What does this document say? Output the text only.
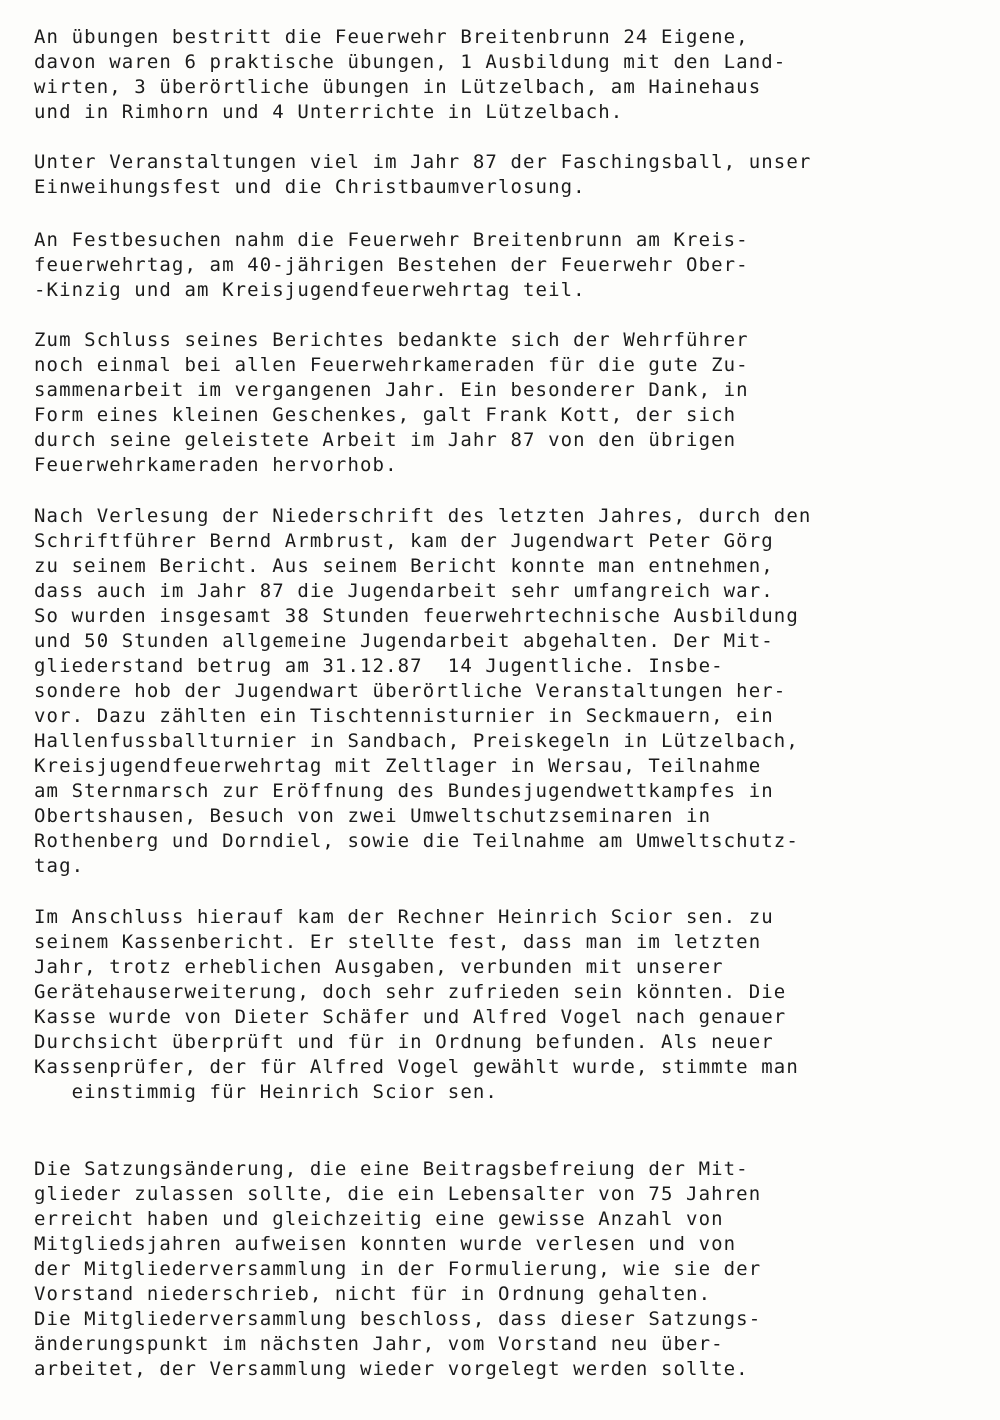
An übungen bestritt die Feuerwehr Breitenbrunn 24 Eigene,
davon waren 6 praktische übungen, 1 Ausbildung mit den Land-
wirten, 3 überörtliche übungen in Lützelbach, am Hainehaus
und in Rimhorn und 4 Unterrichte in Lützelbach.
Unter Veranstaltungen viel im Jahr 87 der Faschingsball, unser
Einweihungsfest und die Christbaumverlosung.
An Festbesuchen nahm die Feuerwehr Breitenbrunn am Kreis-
feuerwehrtag, am 40-jährigen Bestehen der Feuerwehr Ober-
-Kinzig und am Kreisjugendfeuerwehrtag teil.
Zum Schluss seines Berichtes bedankte sich der Wehrführer
noch einmal bei allen Feuerwehrkameraden für die gute Zu-
sammenarbeit im vergangenen Jahr. Ein besonderer Dank, in
Form eines kleinen Geschenkes, galt Frank Kott, der sich
durch seine geleistete Arbeit im Jahr 87 von den übrigen
Feuerwehrkameraden hervorhob.
Nach Verlesung der Niederschrift des letzten Jahres, durch den
Schriftführer Bernd Armbrust, kam der Jugendwart Peter Görg
zu seinem Bericht. Aus seinem Bericht konnte man entnehmen,
dass auch im Jahr 87 die Jugendarbeit sehr umfangreich war.
So wurden insgesamt 38 Stunden feuerwehrtechnische Ausbildung
und 50 Stunden allgemeine Jugendarbeit abgehalten. Der Mit-
gliederstand betrug am 31.12.87  14 Jugentliche. Insbe-
sondere hob der Jugendwart überörtliche Veranstaltungen her-
vor. Dazu zählten ein Tischtennisturnier in Seckmauern, ein
Hallenfussballturnier in Sandbach, Preiskegeln in Lützelbach,
Kreisjugendfeuerwehrtag mit Zeltlager in Wersau, Teilnahme
am Sternmarsch zur Eröffnung des Bundesjugendwettkampfes in
Obertshausen, Besuch von zwei Umweltschutzseminaren in
Rothenberg und Dorndiel, sowie die Teilnahme am Umweltschutz-
tag.
Im Anschluss hierauf kam der Rechner Heinrich Scior sen. zu
seinem Kassenbericht. Er stellte fest, dass man im letzten
Jahr, trotz erheblichen Ausgaben, verbunden mit unserer
Gerätehauserweiterung, doch sehr zufrieden sein könnten. Die
Kasse wurde von Dieter Schäfer und Alfred Vogel nach genauer
Durchsicht überprüft und für in Ordnung befunden. Als neuer
Kassenprüfer, der für Alfred Vogel gewählt wurde, stimmte man
einstimmig für Heinrich Scior sen.
Die Satzungsänderung, die eine Beitragsbefreiung der Mit-
glieder zulassen sollte, die ein Lebensalter von 75 Jahren
erreicht haben und gleichzeitig eine gewisse Anzahl von
Mitgliedsjahren aufweisen konnten wurde verlesen und von
der Mitgliederversammlung in der Formulierung, wie sie der
Vorstand niederschrieb, nicht für in Ordnung gehalten.
Die Mitgliederversammlung beschloss, dass dieser Satzungs-
änderungspunkt im nächsten Jahr, vom Vorstand neu über-
arbeitet, der Versammlung wieder vorgelegt werden sollte.
